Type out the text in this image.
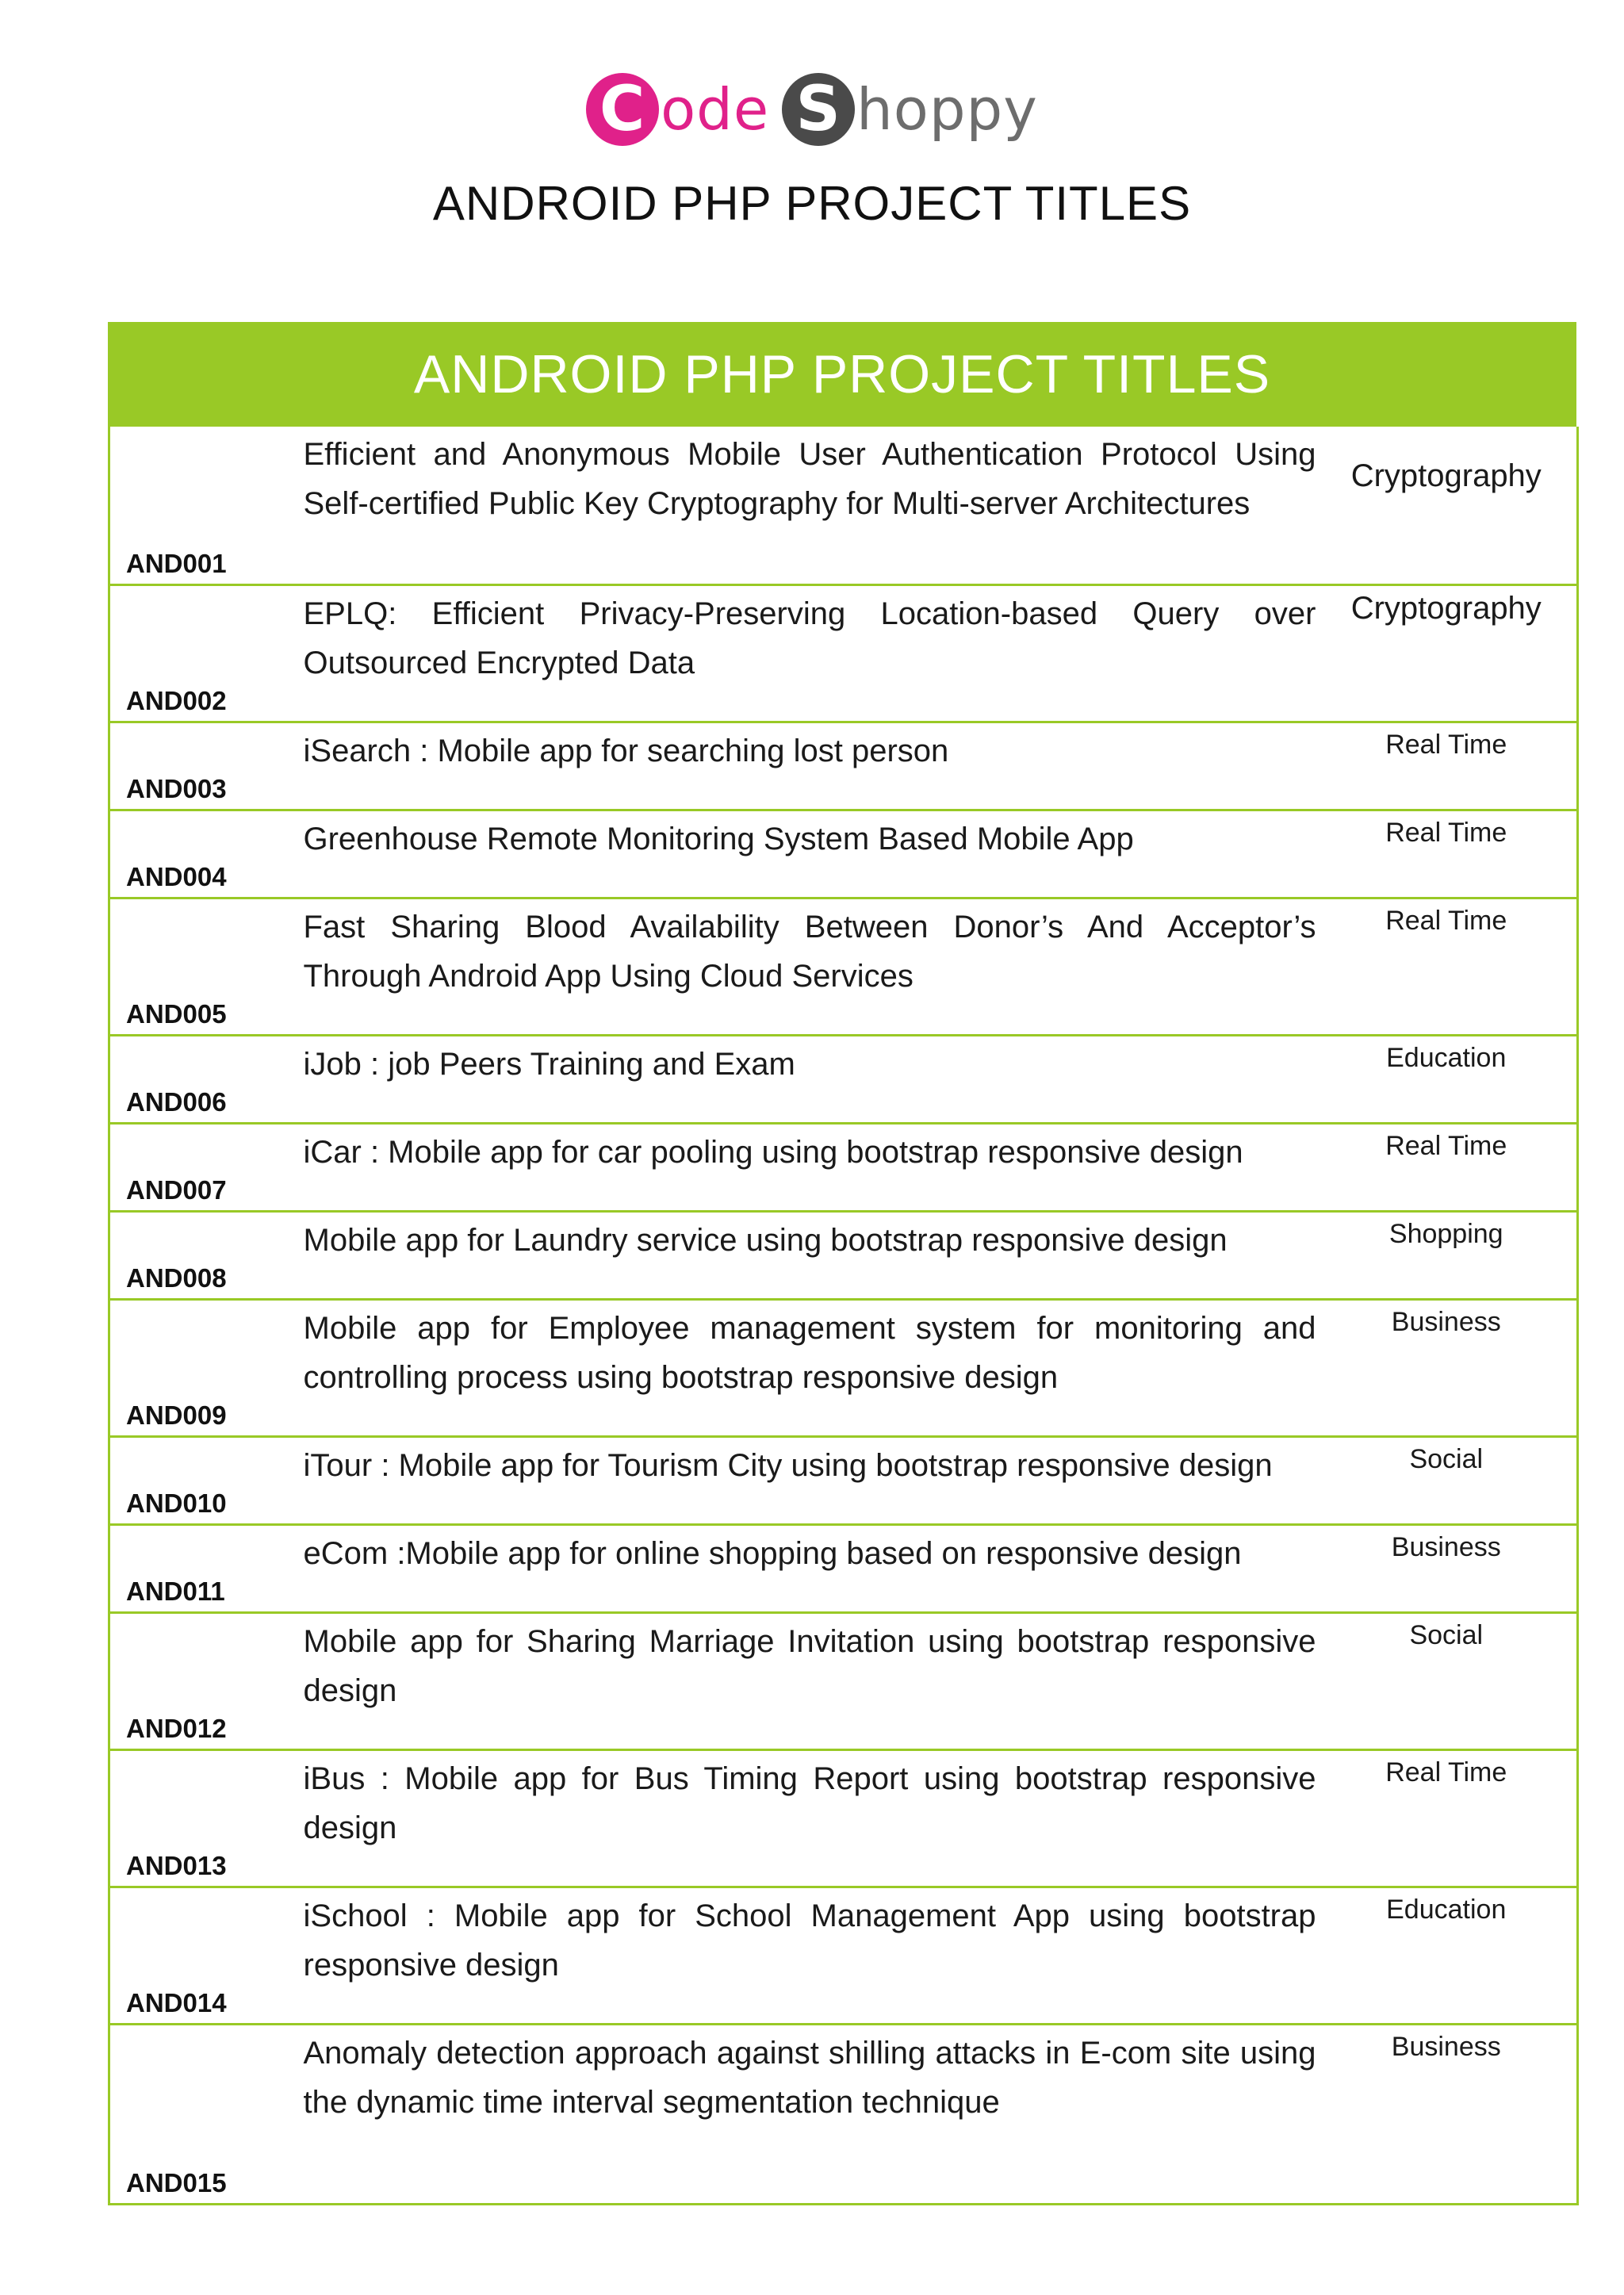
C ode S hoppy
ANDROID PHP PROJECT TITLES
ANDROID PHP PROJECT TITLES
AND001	Efficient and Anonymous Mobile User Authentication Protocol Using Self-certified Public Key Cryptography for Multi-server Architectures	Cryptography
AND002	EPLQ: Efficient Privacy-Preserving Location-based Query over Outsourced Encrypted Data	Cryptography
AND003	iSearch : Mobile app for searching lost person	Real Time
AND004	Greenhouse Remote Monitoring System Based Mobile App	Real Time
AND005	Fast Sharing Blood Availability Between Donor’s And Acceptor’s Through Android App Using Cloud Services	Real Time
AND006	iJob : job Peers Training and Exam	Education
AND007	iCar : Mobile app for car pooling using bootstrap responsive design	Real Time
AND008	Mobile app for Laundry service using bootstrap responsive design	Shopping
AND009	Mobile app for Employee management system for monitoring and controlling process using bootstrap responsive design	Business
AND010	iTour : Mobile app for Tourism City using bootstrap responsive design	Social
AND011	eCom :Mobile app for online shopping based on responsive design	Business
AND012	Mobile app for Sharing Marriage Invitation using bootstrap responsive design	Social
AND013	iBus : Mobile app for Bus Timing Report using bootstrap responsive design	Real Time
AND014	iSchool : Mobile app for School Management App using bootstrap responsive design	Education
AND015	Anomaly detection approach against shilling attacks in E-com site using the dynamic time interval segmentation technique	Business
